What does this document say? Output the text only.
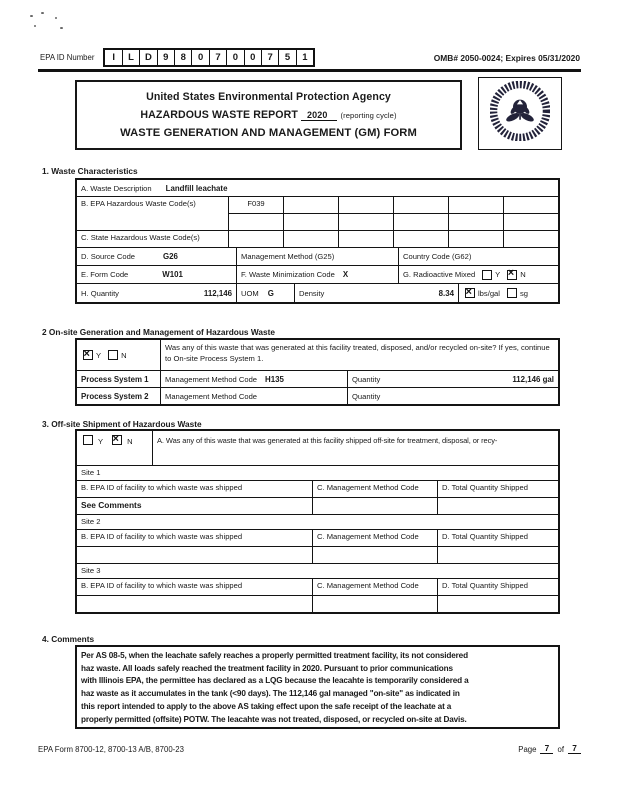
EPA ID Number	I	L	D	9	8	0	7	0	0	7	5	1	OMB# 2050-0024; Expires 05/31/2020
United States Environmental Protection Agency
HAZARDOUS WASTE REPORT 2020 (reporting cycle)
WASTE GENERATION AND MANAGEMENT (GM) FORM
1. Waste Characteristics
A. Waste Description Landfill leachate
B. EPA Hazardous Waste Code(s)	F039
C. State Hazardous Waste Code(s)
D. Source Code	G26	Management Method (G25)	Country Code (G62)
E. Form Code	W101	F. Waste Minimization Code X	G. Radioactive Mixed	Y ×	N
H. Quantity	112,146 UOM G	Density	8.34 ×	lbs/gal	sg
2 On-site Generation and Management of Hazardous Waste
×
Y	N
Was any of this waste that was generated at this facility treated, disposed, and/or recycled on-site? If yes, continue to On-site Process System 1.
Process System 1	Management Method Code H135	Quantity	112,146 gal
Process System 2	Management Method Code	Quantity
3. Off-site Shipment of Hazardous Waste
Y ×	N	A. Was any of this waste that was generated at this facility shipped off-site for treatment, disposal, or recy-
Site 1
B. EPA ID of facility to which waste was shipped	C. Management Method Code	D. Total Quantity Shipped
See Comments
Site 2
B. EPA ID of facility to which waste was shipped	C. Management Method Code	D. Total Quantity Shipped
Site 3
B. EPA ID of facility to which waste was shipped	C. Management Method Code	D. Total Quantity Shipped
4. Comments
Per AS 08-5, when the leachate safely reaches a properly permitted treatment facility, its not considered
haz waste. All loads safely reached the treatment facility in 2020. Pursuant to prior communications
with Illinois EPA, the permittee has declared as a LQG because the leacahte is temporarily considered a
haz waste as it accumulates in the tank (<90 days). The 112,146 gal managed "on-site" as indicated in
this report intended to apply to the above AS taking effect upon the safe receipt of the leachate at a
properly permitted (offsite) POTW. The leacahte was not treated, disposed, or recycled on-site at Davis.
EPA Form 8700-12, 8700-13 A/B, 8700-23	Page 7	of 7
